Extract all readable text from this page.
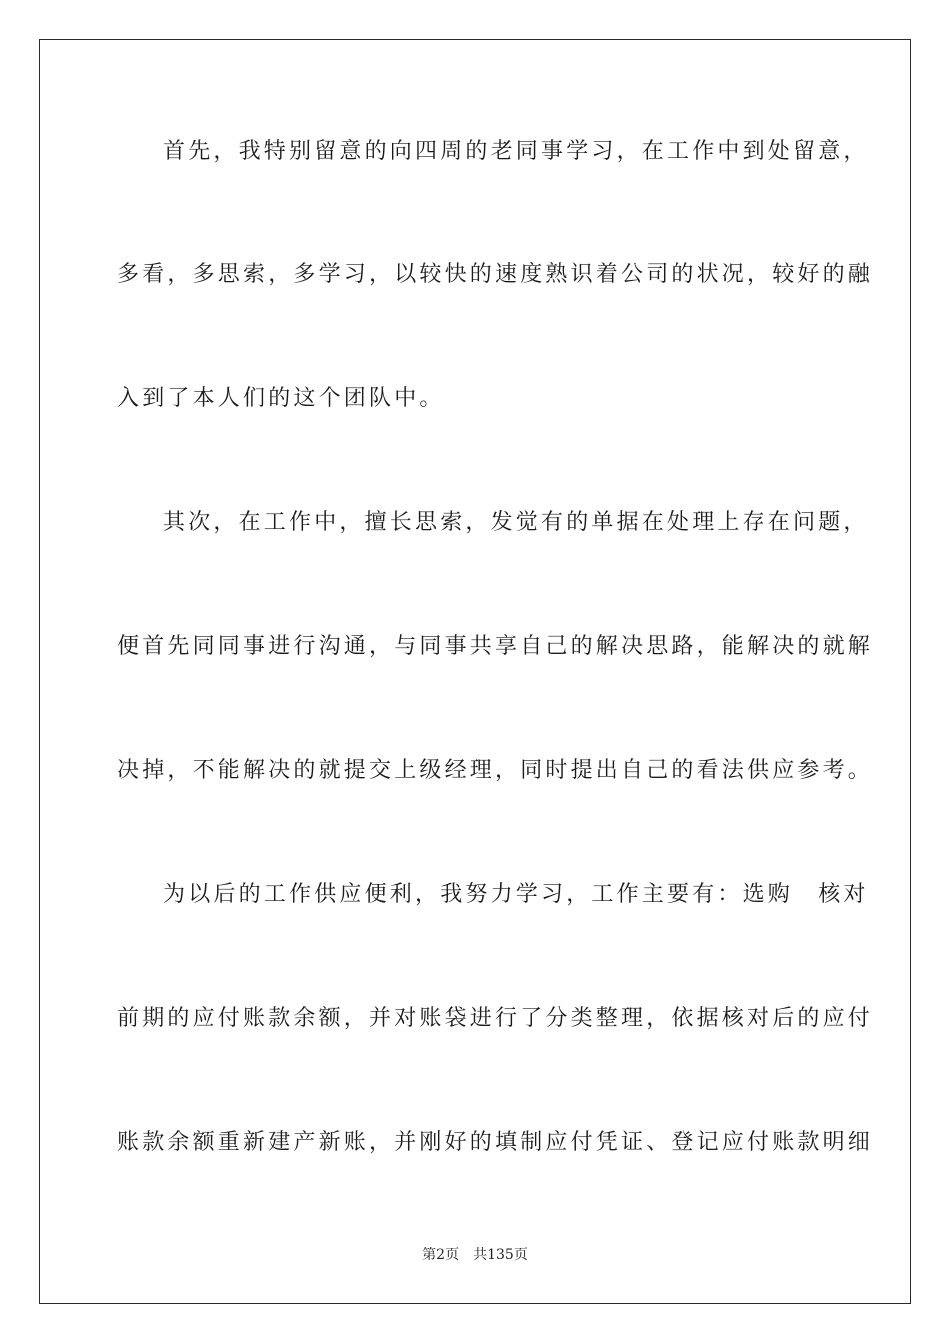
首先，我特别留意的向四周的老同事学习，在工作中到处留意，
多看，多思索，多学习，以较快的速度熟识着公司的状况，较好的融
入到了本人们的这个团队中。
其次，在工作中，擅长思索，发觉有的单据在处理上存在问题，
便首先同同事进行沟通，与同事共享自己的解决思路，能解决的就解
决掉，不能解决的就提交上级经理，同时提出自己的看法供应参考。
为以后的工作供应便利，我努力学习，工作主要有：选购　核对
前期的应付账款余额，并对账袋进行了分类整理，依据核对后的应付
账款余额重新建产新账，并刚好的填制应付凭证、登记应付账款明细
第2页 共135页
